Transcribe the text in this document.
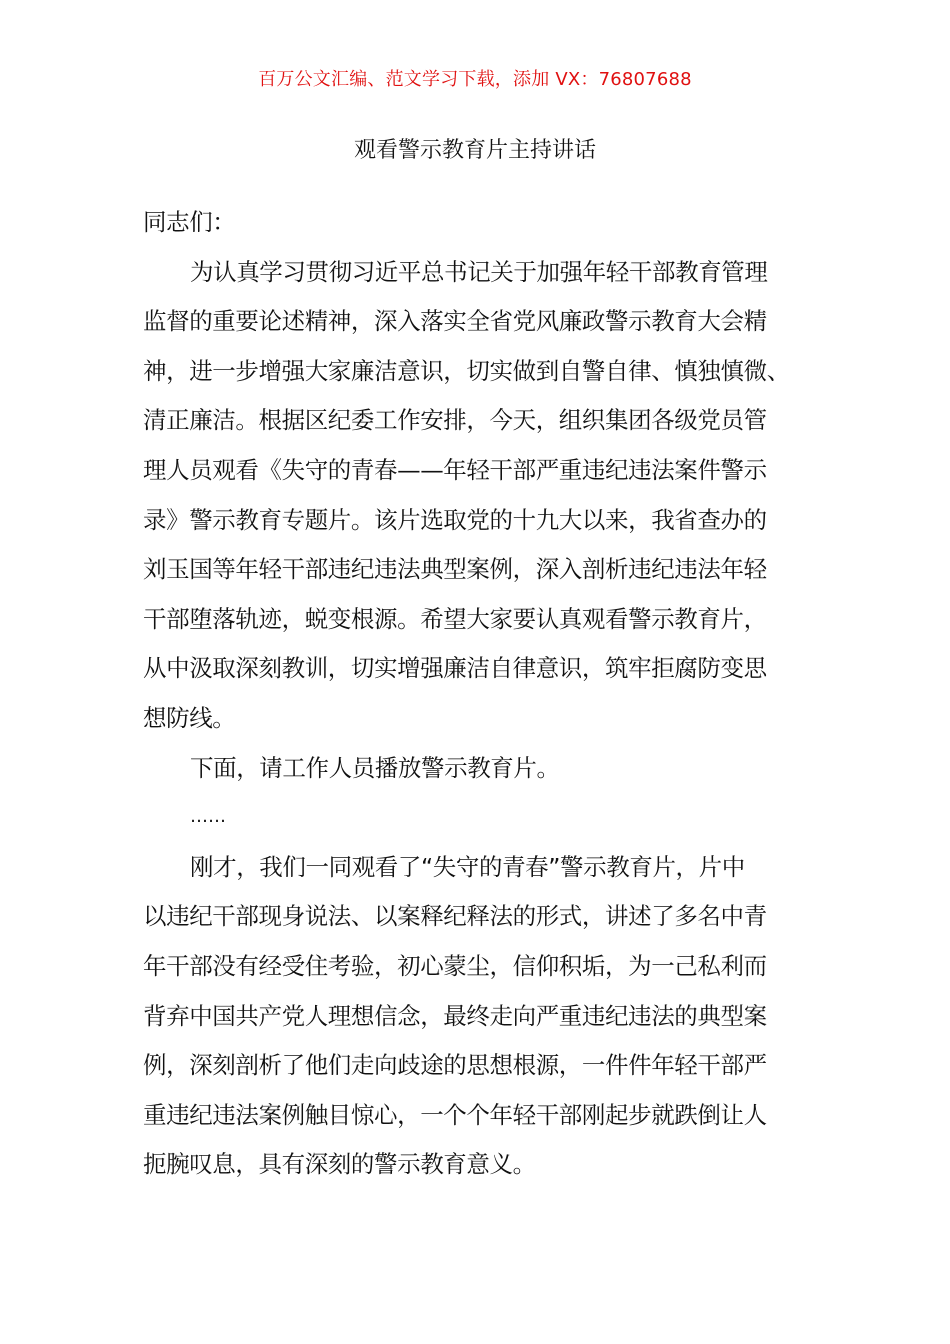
百万公文汇编、范文学习下载，添加 VX：76807688
观看警示教育片主持讲话
同志们：
为认真学习贯彻习近平总书记关于加强年轻干部教育管理
监督的重要论述精神，深入落实全省党风廉政警示教育大会精
神，进一步增强大家廉洁意识，切实做到自警自律、慎独慎微、
清正廉洁。根据区纪委工作安排，今天，组织集团各级党员管
理人员观看《失守的青春——年轻干部严重违纪违法案件警示
录》警示教育专题片。该片选取党的十九大以来，我省查办的
刘玉国等年轻干部违纪违法典型案例，深入剖析违纪违法年轻
干部堕落轨迹，蜕变根源。希望大家要认真观看警示教育片，
从中汲取深刻教训，切实增强廉洁自律意识，筑牢拒腐防变思
想防线。
下面，请工作人员播放警示教育片。
……
刚才，我们一同观看了“失守的青春”警示教育片，片中
以违纪干部现身说法、以案释纪释法的形式，讲述了多名中青
年干部没有经受住考验，初心蒙尘，信仰积垢，为一己私利而
背弃中国共产党人理想信念，最终走向严重违纪违法的典型案
例，深刻剖析了他们走向歧途的思想根源，一件件年轻干部严
重违纪违法案例触目惊心，一个个年轻干部刚起步就跌倒让人
扼腕叹息，具有深刻的警示教育意义。
